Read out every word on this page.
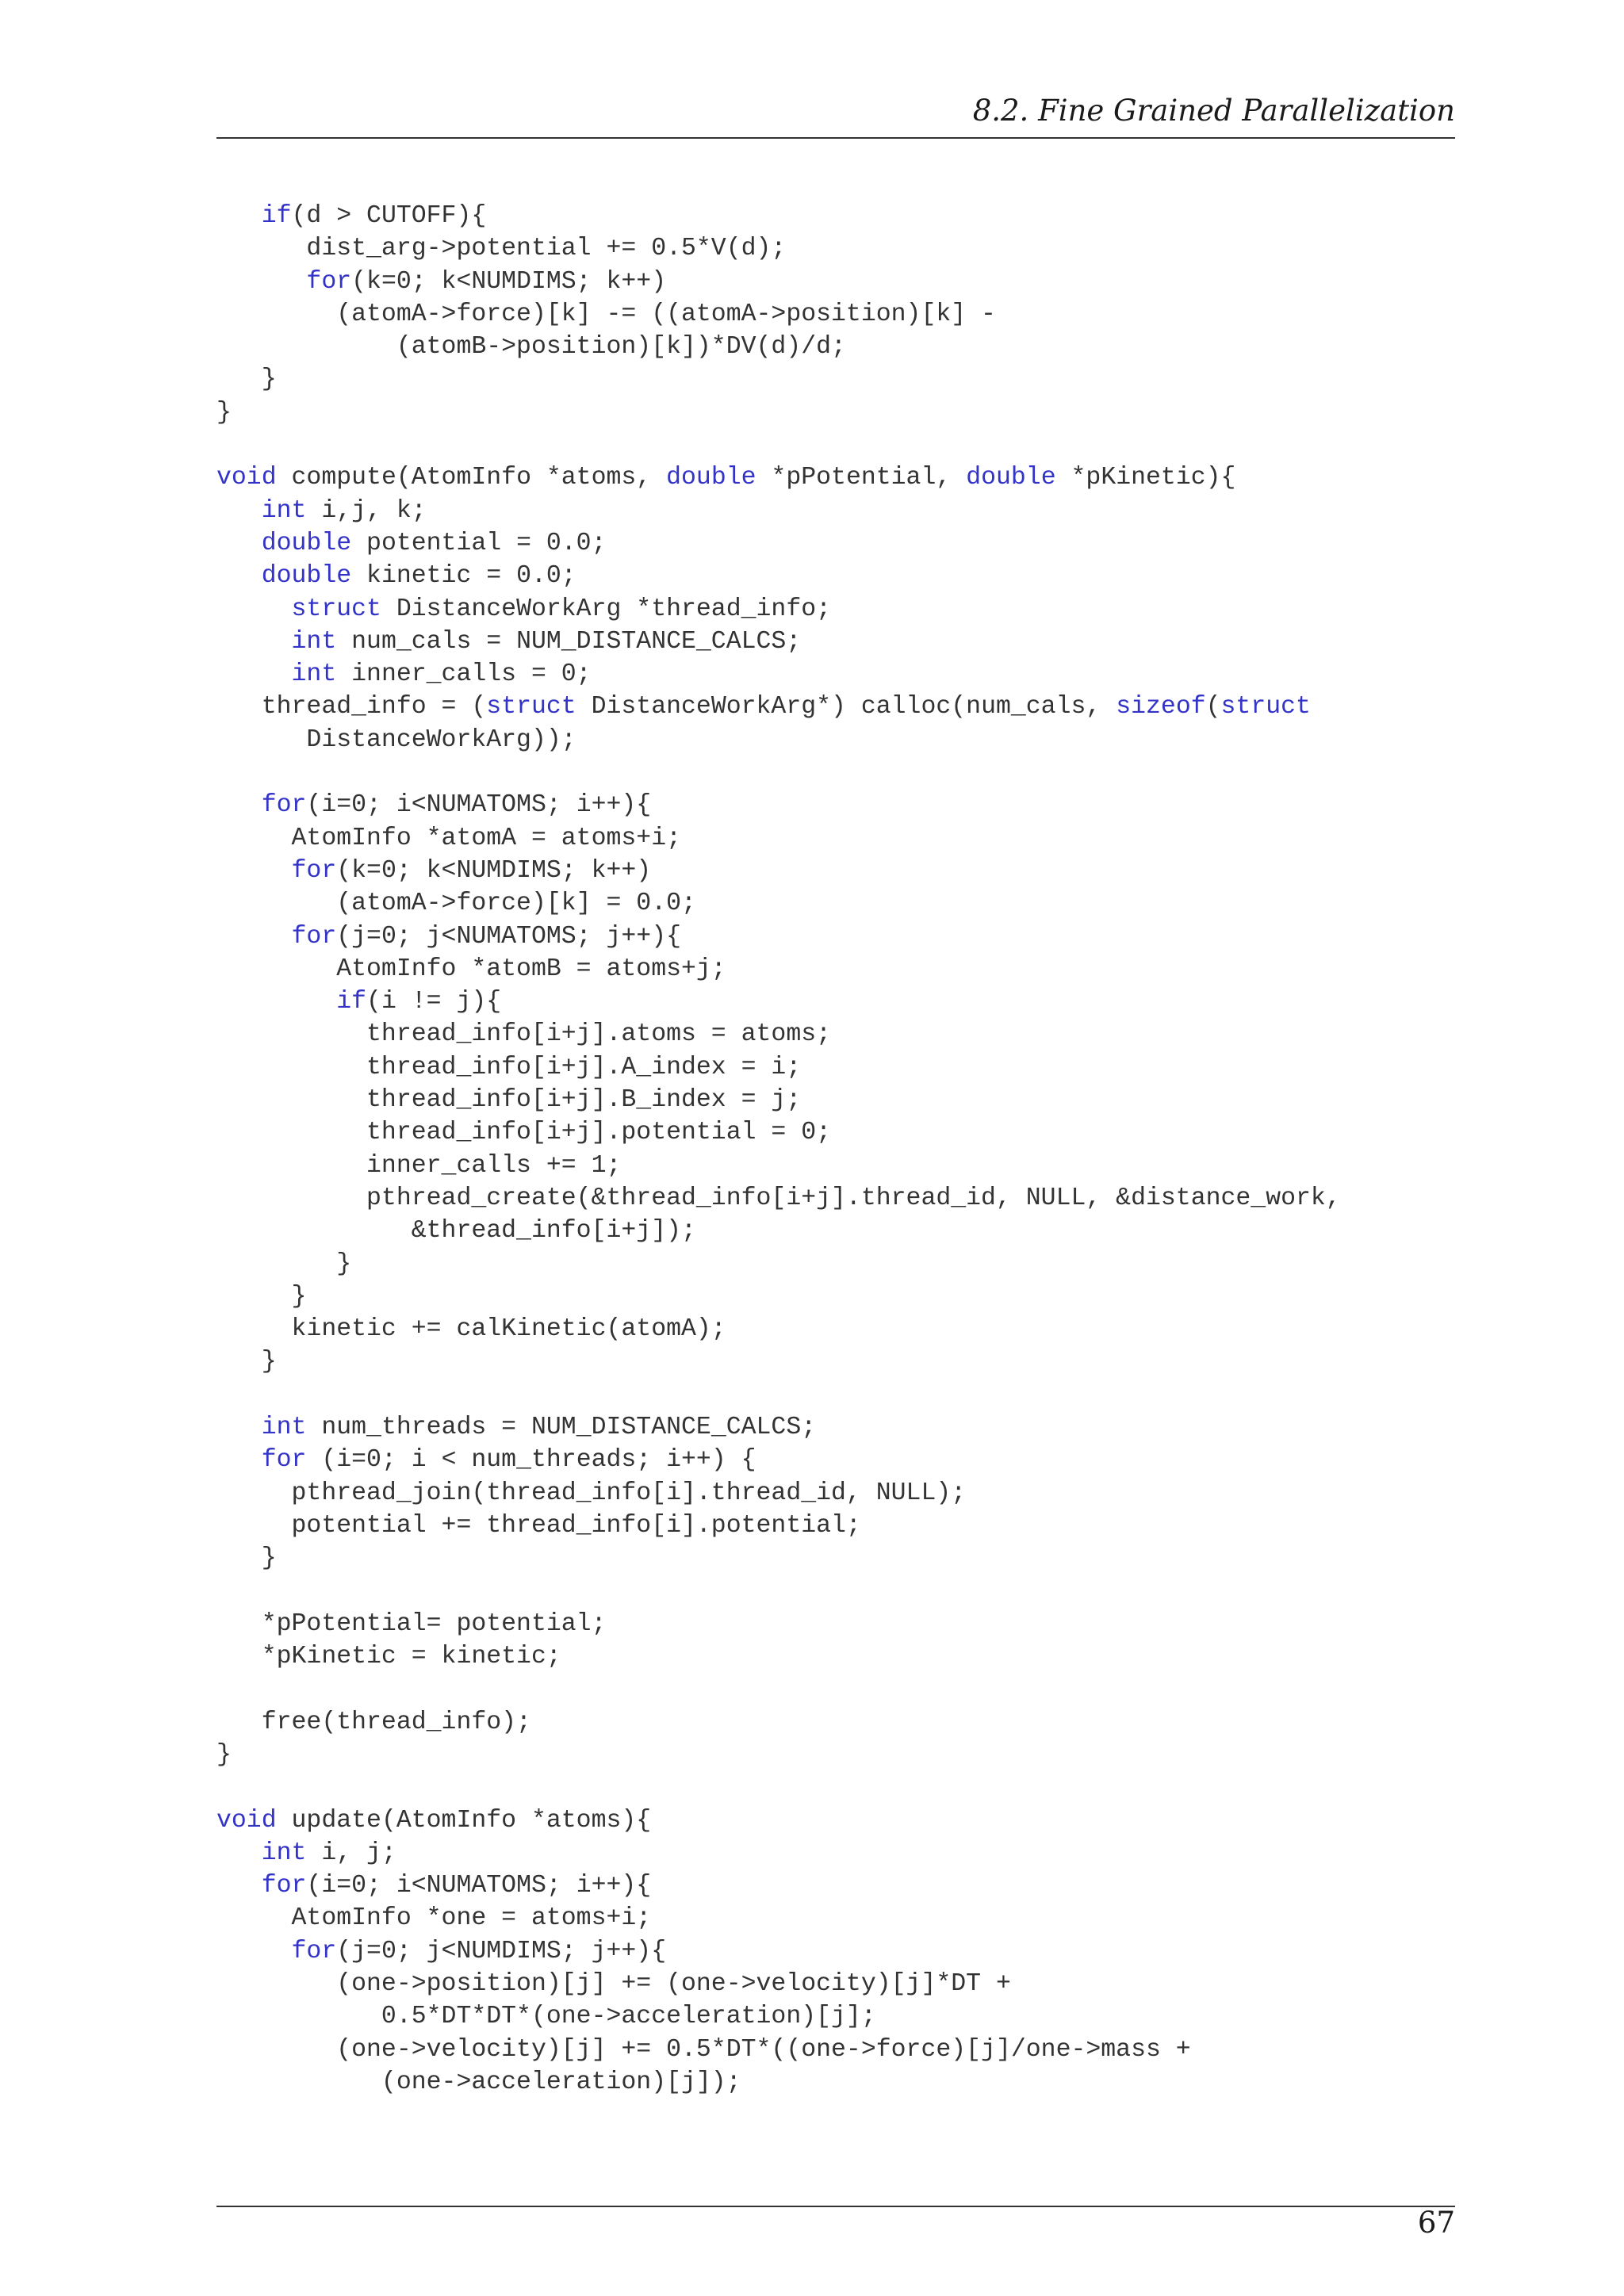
8.2. Fine Grained Parallelization
if(d > CUTOFF){
dist_arg->potential += 0.5*V(d);
for(k=0; k<NUMDIMS; k++)
(atomA->force)[k] -= ((atomA->position)[k] -
(atomB->position)[k])*DV(d)/d;
}
}
void compute(AtomInfo *atoms, double *pPotential, double *pKinetic){
int i,j, k;
double potential = 0.0;
double kinetic = 0.0;
struct DistanceWorkArg *thread_info;
int num_cals = NUM_DISTANCE_CALCS;
int inner_calls = 0;
thread_info = (struct DistanceWorkArg*) calloc(num_cals, sizeof(struct
DistanceWorkArg));
for(i=0; i<NUMATOMS; i++){
AtomInfo *atomA = atoms+i;
for(k=0; k<NUMDIMS; k++)
(atomA->force)[k] = 0.0;
for(j=0; j<NUMATOMS; j++){
AtomInfo *atomB = atoms+j;
if(i != j){
thread_info[i+j].atoms = atoms;
thread_info[i+j].A_index = i;
thread_info[i+j].B_index = j;
thread_info[i+j].potential = 0;
inner_calls += 1;
pthread_create(&thread_info[i+j].thread_id, NULL, &distance_work,
&thread_info[i+j]);
}
}
kinetic += calKinetic(atomA);
}
int num_threads = NUM_DISTANCE_CALCS;
for (i=0; i < num_threads; i++) {
pthread_join(thread_info[i].thread_id, NULL);
potential += thread_info[i].potential;
}
*pPotential= potential;
*pKinetic = kinetic;
free(thread_info);
}
void update(AtomInfo *atoms){
int i, j;
for(i=0; i<NUMATOMS; i++){
AtomInfo *one = atoms+i;
for(j=0; j<NUMDIMS; j++){
(one->position)[j] += (one->velocity)[j]*DT +
0.5*DT*DT*(one->acceleration)[j];
(one->velocity)[j] += 0.5*DT*((one->force)[j]/one->mass +
(one->acceleration)[j]);
67
